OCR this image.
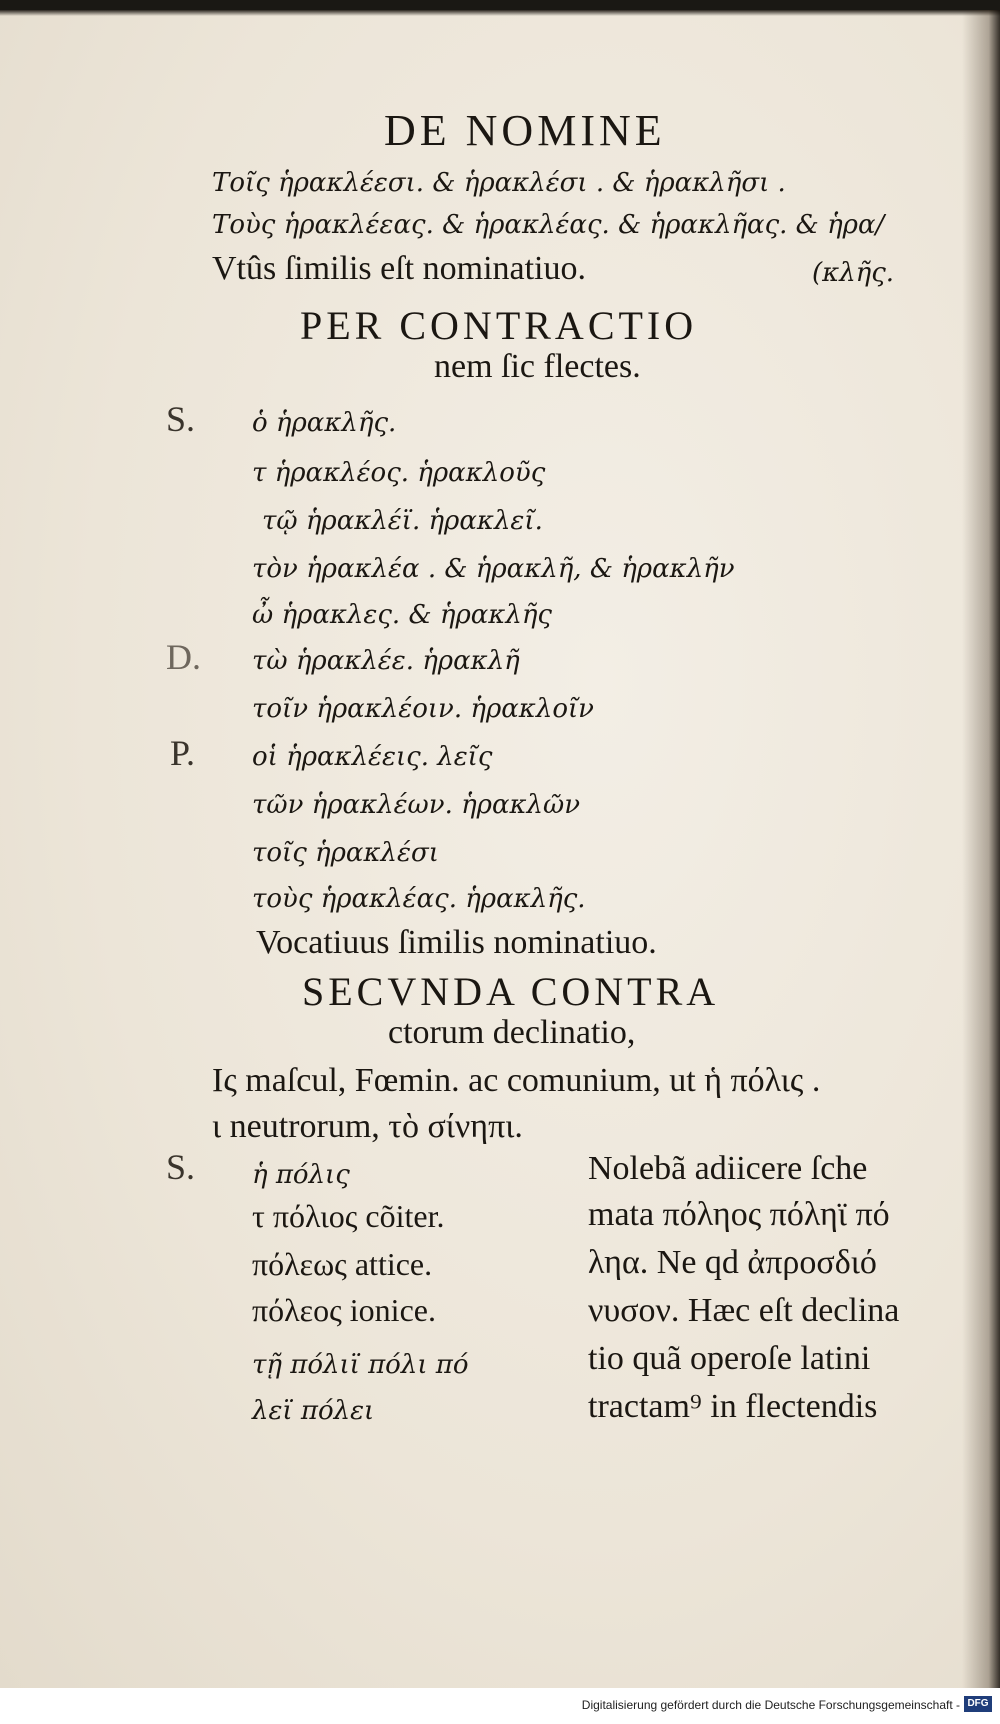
DE NOMINE
Τοῖς ἡρακλέεσι. & ἡρακλέσι . & ἡρακλῆσι .
Τοὺς ἡρακλέεας. & ἡρακλέας. & ἡρακλῆας. & ἡρα/
Vtûs ſimilis eſt nominatiuo.	(κλῆς.
PER CONTRACTIO
nem ſic flectes.
S. ὁ ἡρακλῆς.
τ ἡρακλέος. ἡρακλοῦς
τῷ ἡρακλέϊ. ἡρακλεῖ.
τὸν ἡρακλέα . & ἡρακλῆ, & ἡρακλῆν
ὦ ἡρακλες. & ἡρακλῆς
D. τὼ ἡρακλέε. ἡρακλῆ
τοῖν ἡρακλέοιν. ἡρακλοῖν
P. οἱ ἡρακλέεις. λεῖς
τῶν ἡρακλέων. ἡρακλῶν
τοῖς ἡρακλέσι
τοὺς ἡρακλέας. ἡρακλῆς.
Vocatiuus ſimilis nominatiuo.
SECVNDA CONTRA
ctorum declinatio,
Ις maſcul, Fœmin. ac comunium, ut ἡ πόλις .
ι neutrorum, τὸ σίνηπι.
S. ἡ πόλις
τ πόλιος cõiter.
πόλεως attice.
πόλεος ionice.
τῇ πόλιϊ πόλι πό
λεϊ πόλει
Nolebã adiicere ſche
mata πόληος πόληϊ πό
ληα. Ne qd ἀπροσδιό
νυσον. Hæc eſt declina
tio quã operoſe latini
tractam⁹ in flectendis
Digitalisierung gefördert durch die Deutsche Forschungsgemeinschaft - DFG
